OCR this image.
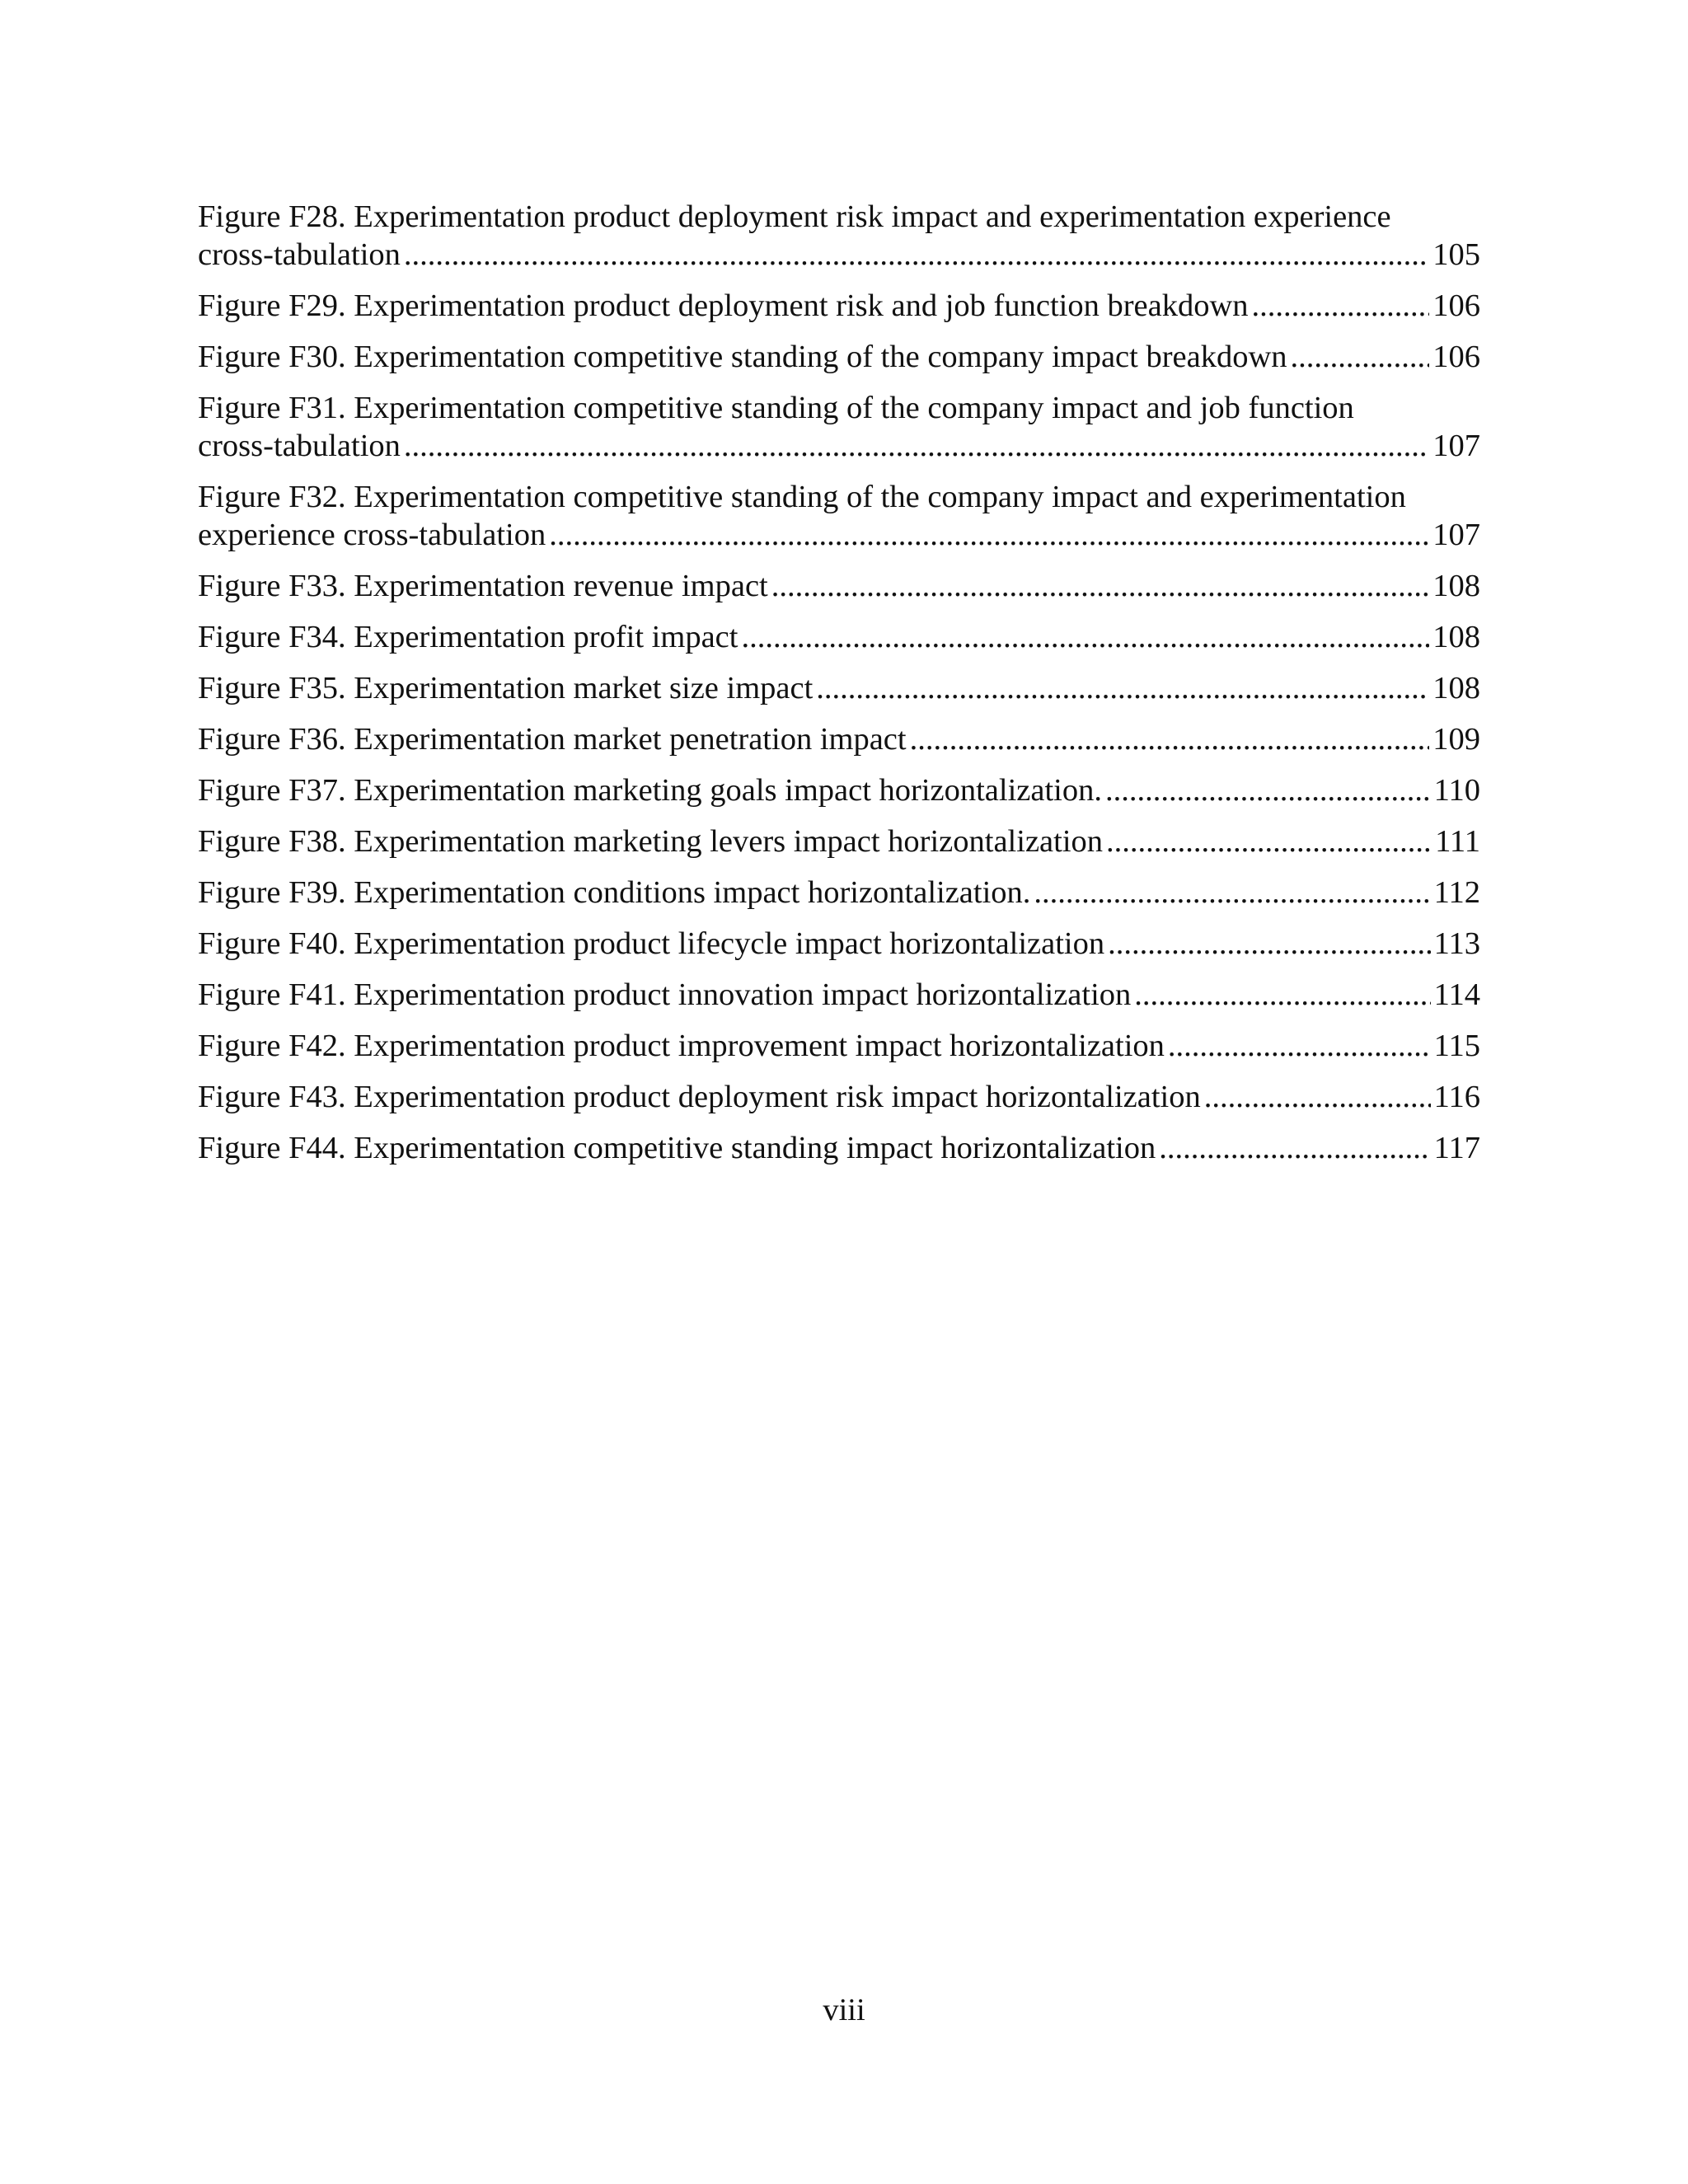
Figure F28. Experimentation product deployment risk impact and experimentation experience
cross-tabulation .....	105
Figure F29. Experimentation product deployment risk and job function breakdown .....	106
Figure F30. Experimentation competitive standing of the company impact breakdown .....	106
Figure F31. Experimentation competitive standing of the company impact and job function
cross-tabulation .....	107
Figure F32. Experimentation competitive standing of the company impact and experimentation
experience cross-tabulation .....	107
Figure F33. Experimentation revenue impact .....	108
Figure F34. Experimentation profit impact .....	108
Figure F35. Experimentation market size impact .....	108
Figure F36. Experimentation market penetration impact .....	109
Figure F37. Experimentation marketing goals impact horizontalization. .....	110
Figure F38. Experimentation marketing levers impact horizontalization .....	111
Figure F39. Experimentation conditions impact horizontalization. .....	112
Figure F40. Experimentation product lifecycle impact horizontalization .....	113
Figure F41. Experimentation product innovation impact horizontalization .....	114
Figure F42. Experimentation product improvement impact horizontalization .....	115
Figure F43. Experimentation product deployment risk impact horizontalization .....	116
Figure F44. Experimentation competitive standing impact horizontalization .....	117
viii
